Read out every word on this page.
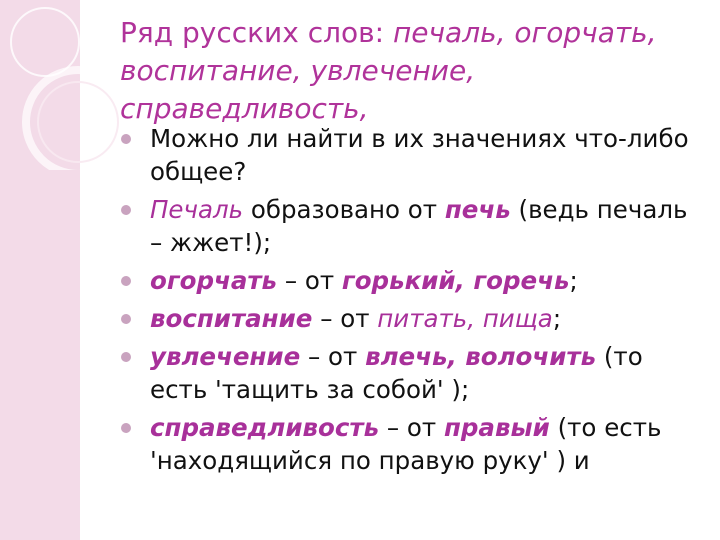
Ряд русских слов: печаль, огорчать, воспитание, увлечение, справедливость,
Можно ли найти в их значениях что-либо общее?
Печаль образовано от печь (ведь печаль – жжет!);
огорчать – от горький, горечь;
воспитание – от питать, пища;
увлечение – от влечь, волочить (то есть 'тащить за собой' );
справедливость – от правый (то есть 'находящийся по правую руку' ) и
